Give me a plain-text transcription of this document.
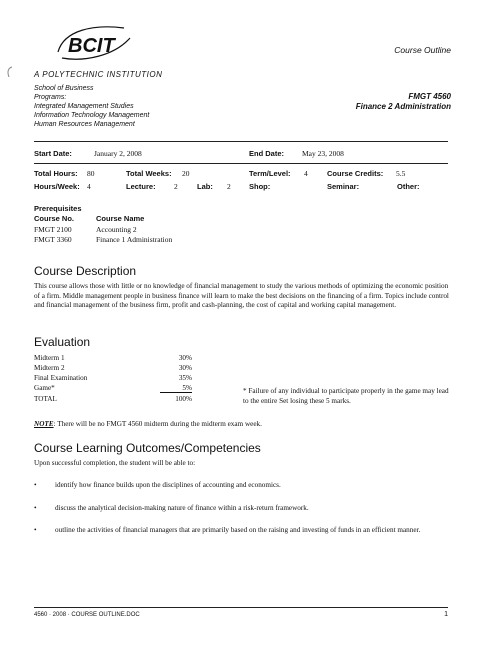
BCIT
A POLYTECHNIC INSTITUTION
Course Outline
School of Business
Programs:
Integrated Management Studies
Information Technology Management
Human Resources Management
FMGT 4560
Finance 2 Administration
Start Date:	January 2, 2008	End Date: May 23, 2008
Total Hours: 80	Total Weeks: 20	Term/Level: 4	Course Credits: 5.5
Hours/Week: 4	Lecture: 2	Lab: 2 Shop:	Seminar:	Other:
Prerequisites
Course No.	Course Name
FMGT 2100	Accounting 2
FMGT 3360	Finance 1 Administration
Course Description
This course allows those with little or no knowledge of financial management to study the various methods of optimizing the economic position of a firm. Middle management people in business finance will learn to make the best decisions on the financing of a firm. Topics include control and financial management of the business firm, profit and cash-planning, the cost of capital and working capital management.
Evaluation
Midterm 1	30%
Midterm 2	30%
Final Examination	35%
Game*	5%
TOTAL	100%
* Failure of any individual to participate properly in the game may lead to the entire Set losing these 5 marks.
NOTE: There will be no FMGT 4560 midterm during the midterm exam week.
Course Learning Outcomes/Competencies
Upon successful completion, the student will be able to:
•	identify how finance builds upon the disciplines of accounting and economics.
•	discuss the analytical decision-making nature of finance within a risk-return framework.
•	outline the activities of financial managers that are primarily based on the raising and investing of funds in an efficient manner.
4560 · 2008 · COURSE OUTLINE.DOC	1
